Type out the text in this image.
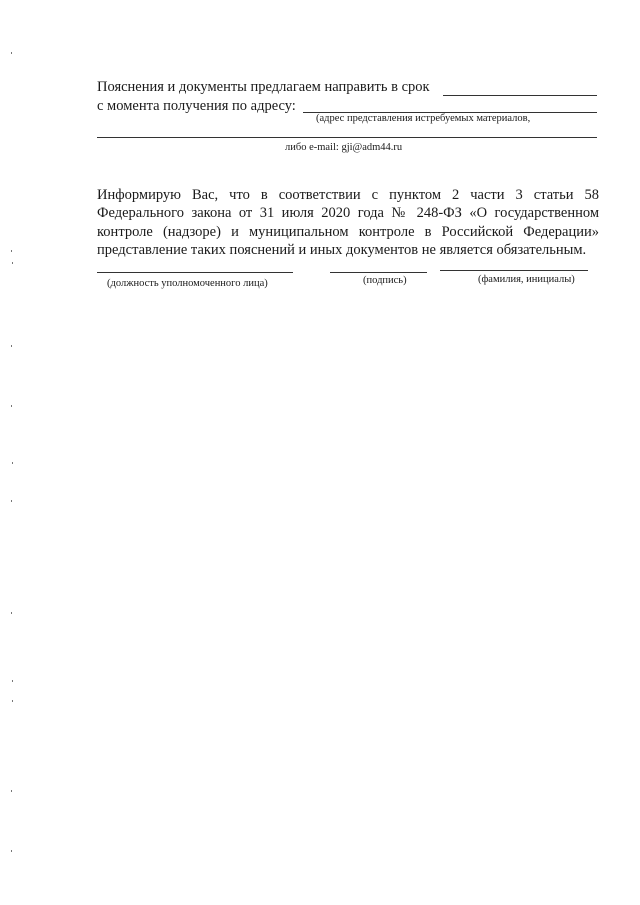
Пояснения и документы предлагаем направить в срок
с момента получения по адресу:
(адрес представления истребуемых материалов,
либо e-mail: gji@adm44.ru
Информирую Вас, что в соответствии с пунктом 2 части 3 статьи 58 Федерального закона от 31 июля 2020 года № 248-ФЗ «О государственном контроле (надзоре) и муниципальном контроле в Российской Федерации» представление таких пояснений и иных документов не является обязательным.
(должность уполномоченного лица)	(подпись)	(фамилия, инициалы)
